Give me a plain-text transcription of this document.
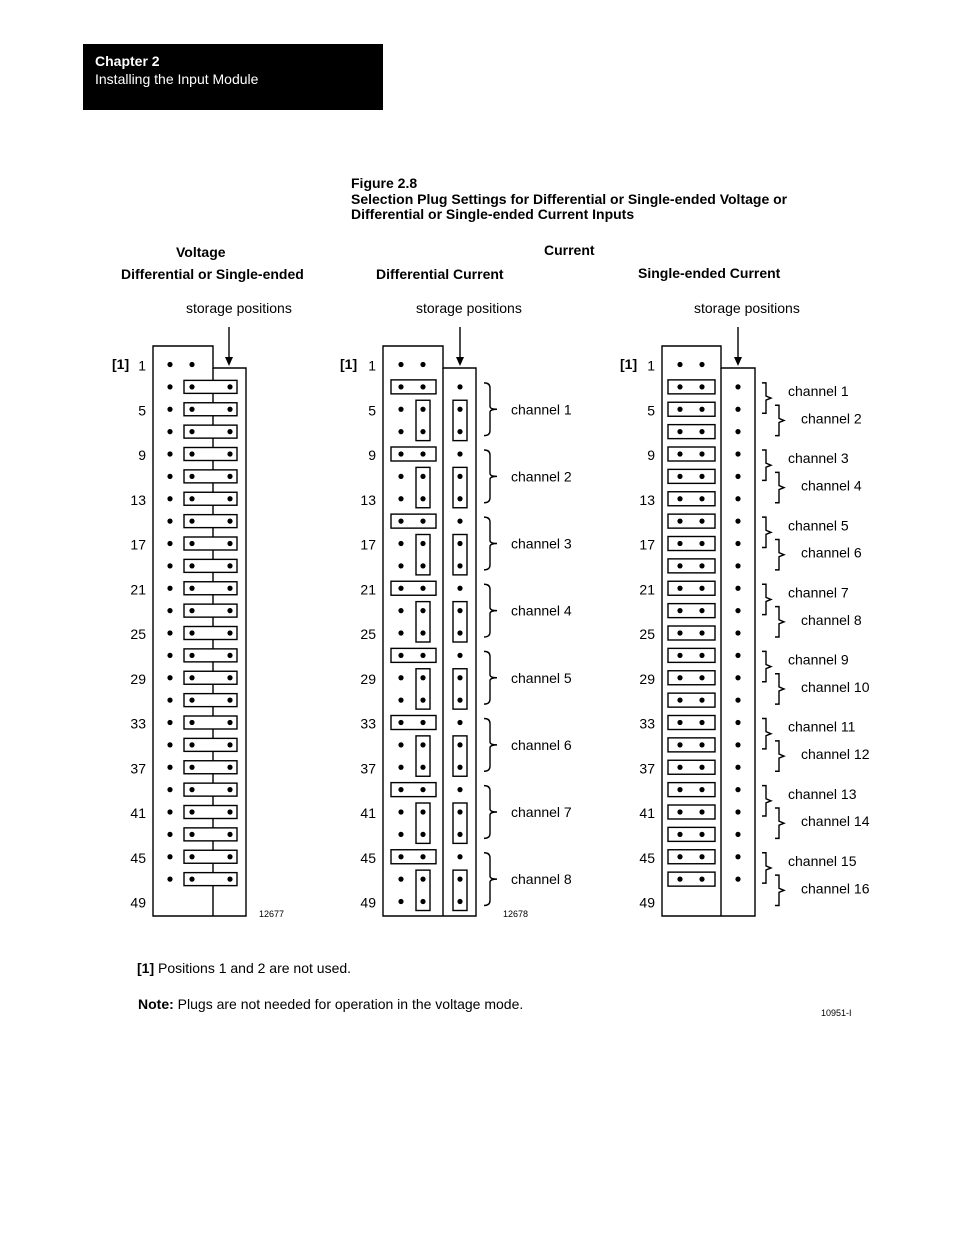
Chapter 2
Installing the Input Module
Figure 2.8
Selection Plug Settings for Differential or Single-ended Voltage or
Differential or Single-ended Current Inputs
Voltage
Differential or Single-ended
Current
Differential Current	Single-ended Current
storage positions	storage positions	storage positions
[1]	[1]	[1]
12677	12678
10951-I
[1] Positions 1 and 2 are not used.
Note: Plugs are not needed for operation in the voltage mode.
1
5
9
13
17
21
25
29
33
37
41
45
49
channel 1
channel 2
channel 3
channel 4
channel 5
channel 6
channel 7
channel 8
1
5
9
13
17
21
25
29
33
37
41
45
49
channel 1
channel 2
channel 3
channel 4
channel 5
channel 6
channel 7
channel 8
channel 9
channel 10
channel 11
channel 12
channel 13
channel 14
channel 15
channel 16
1
5
9
13
17
21
25
29
33
37
41
45
49
